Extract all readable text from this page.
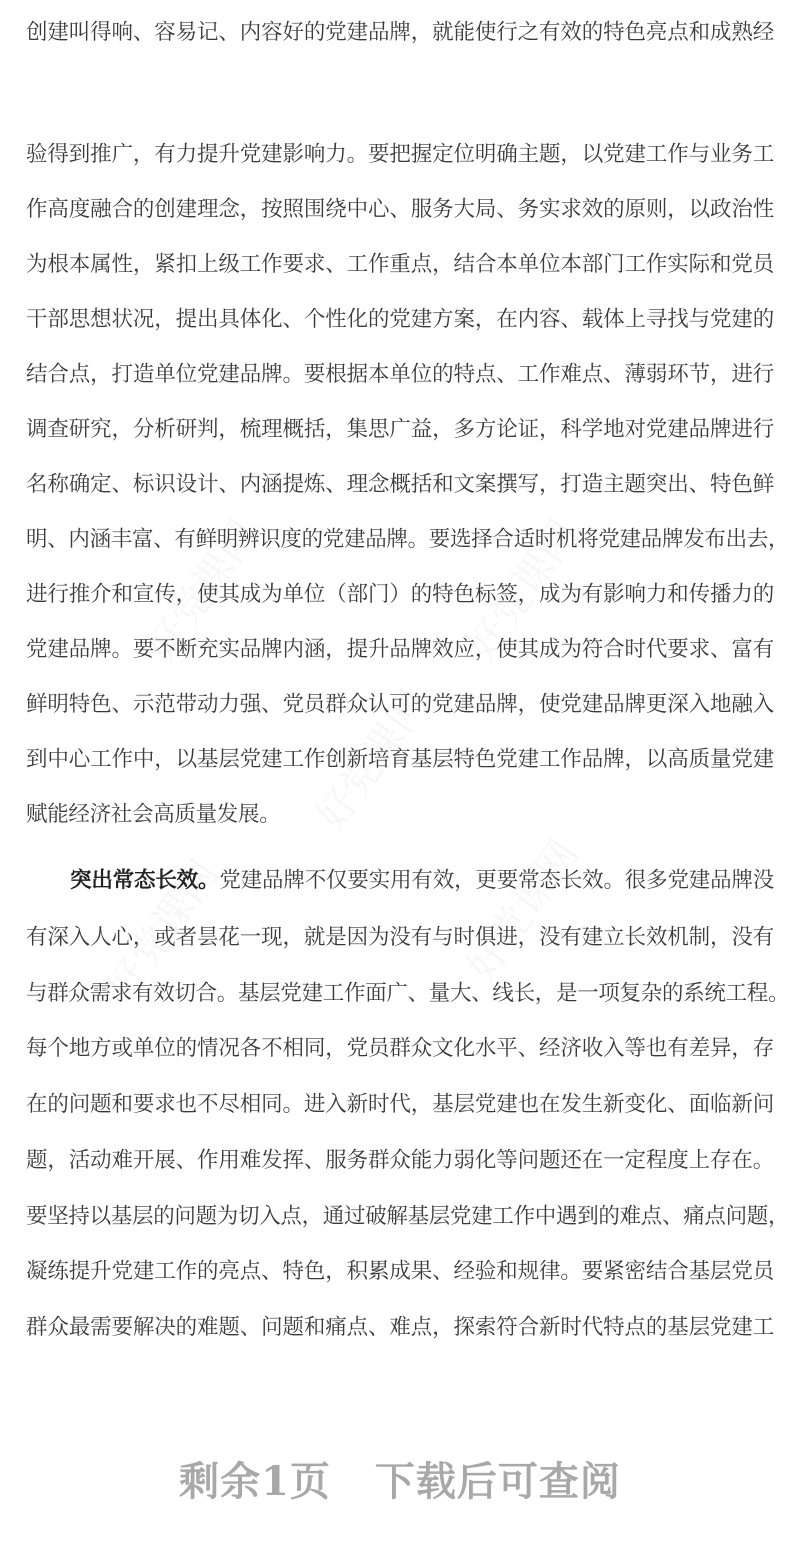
创建叫得响、容易记、内容好的党建品牌，就能使行之有效的特色亮点和成熟经
验得到推广，有力提升党建影响力。要把握定位明确主题，以党建工作与业务工
作高度融合的创建理念，按照围绕中心、服务大局、务实求效的原则，以政治性
为根本属性，紧扣上级工作要求、工作重点，结合本单位本部门工作实际和党员
干部思想状况，提出具体化、个性化的党建方案，在内容、载体上寻找与党建的
结合点，打造单位党建品牌。要根据本单位的特点、工作难点、薄弱环节，进行
调查研究，分析研判，梳理概括，集思广益，多方论证，科学地对党建品牌进行
名称确定、标识设计、内涵提炼、理念概括和文案撰写，打造主题突出、特色鲜
明、内涵丰富、有鲜明辨识度的党建品牌。要选择合适时机将党建品牌发布出去，
进行推介和宣传，使其成为单位（部门）的特色标签，成为有影响力和传播力的
党建品牌。要不断充实品牌内涵，提升品牌效应，使其成为符合时代要求、富有
鲜明特色、示范带动力强、党员群众认可的党建品牌，使党建品牌更深入地融入
到中心工作中，以基层党建工作创新培育基层特色党建工作品牌，以高质量党建
赋能经济社会高质量发展。
突出常态长效。党建品牌不仅要实用有效，更要常态长效。很多党建品牌没
有深入人心，或者昙花一现，就是因为没有与时俱进，没有建立长效机制，没有
与群众需求有效切合。基层党建工作面广、量大、线长，是一项复杂的系统工程。
每个地方或单位的情况各不相同，党员群众文化水平、经济收入等也有差异，存
在的问题和要求也不尽相同。进入新时代，基层党建也在发生新变化、面临新问
题，活动难开展、作用难发挥、服务群众能力弱化等问题还在一定程度上存在。
要坚持以基层的问题为切入点，通过破解基层党建工作中遇到的难点、痛点问题，
凝练提升党建工作的亮点、特色，积累成果、经验和规律。要紧密结合基层党员
群众最需要解决的难题、问题和痛点、难点，探索符合新时代特点的基层党建工
剩余1页 下载后可查阅
